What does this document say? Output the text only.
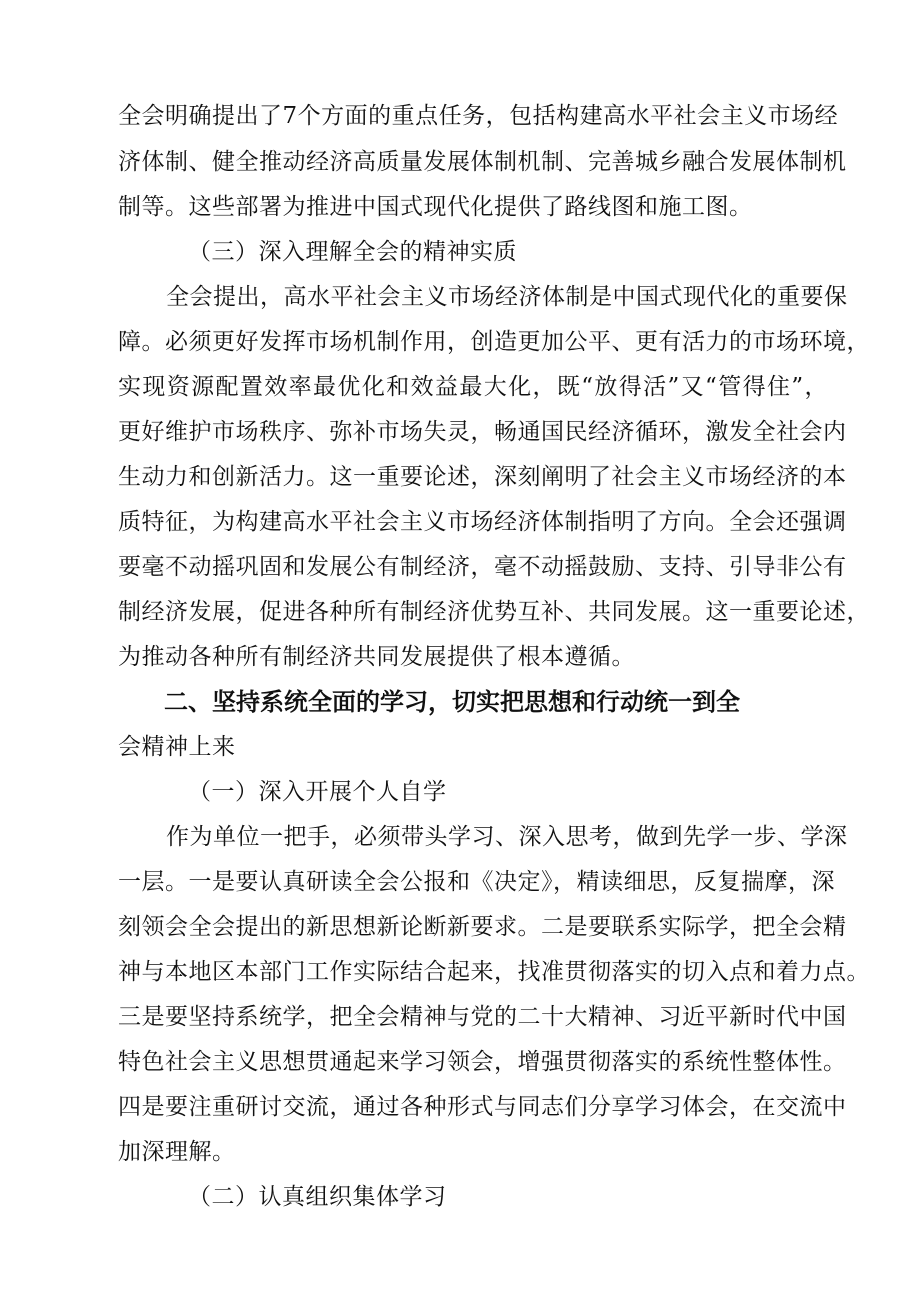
全会明确提出了7个方面的重点任务，包括构建高水平社会主义市场经
济体制、健全推动经济高质量发展体制机制、完善城乡融合发展体制机
制等。这些部署为推进中国式现代化提供了路线图和施工图。
（三）深入理解全会的精神实质
全会提出，高水平社会主义市场经济体制是中国式现代化的重要保
障。必须更好发挥市场机制作用，创造更加公平、更有活力的市场环境，
实现资源配置效率最优化和效益最大化，既“放得活”又“管得住”，
更好维护市场秩序、弥补市场失灵，畅通国民经济循环，激发全社会内
生动力和创新活力。这一重要论述，深刻阐明了社会主义市场经济的本
质特征，为构建高水平社会主义市场经济体制指明了方向。全会还强调
要毫不动摇巩固和发展公有制经济，毫不动摇鼓励、支持、引导非公有
制经济发展，促进各种所有制经济优势互补、共同发展。这一重要论述，
为推动各种所有制经济共同发展提供了根本遵循。
二、坚持系统全面的学习，切实把思想和行动统一到全
会精神上来
（一）深入开展个人自学
作为单位一把手，必须带头学习、深入思考，做到先学一步、学深
一层。一是要认真研读全会公报和《决定》，精读细思，反复揣摩，深
刻领会全会提出的新思想新论断新要求。二是要联系实际学，把全会精
神与本地区本部门工作实际结合起来，找准贯彻落实的切入点和着力点。
三是要坚持系统学，把全会精神与党的二十大精神、习近平新时代中国
特色社会主义思想贯通起来学习领会，增强贯彻落实的系统性整体性。
四是要注重研讨交流，通过各种形式与同志们分享学习体会，在交流中
加深理解。
（二）认真组织集体学习
